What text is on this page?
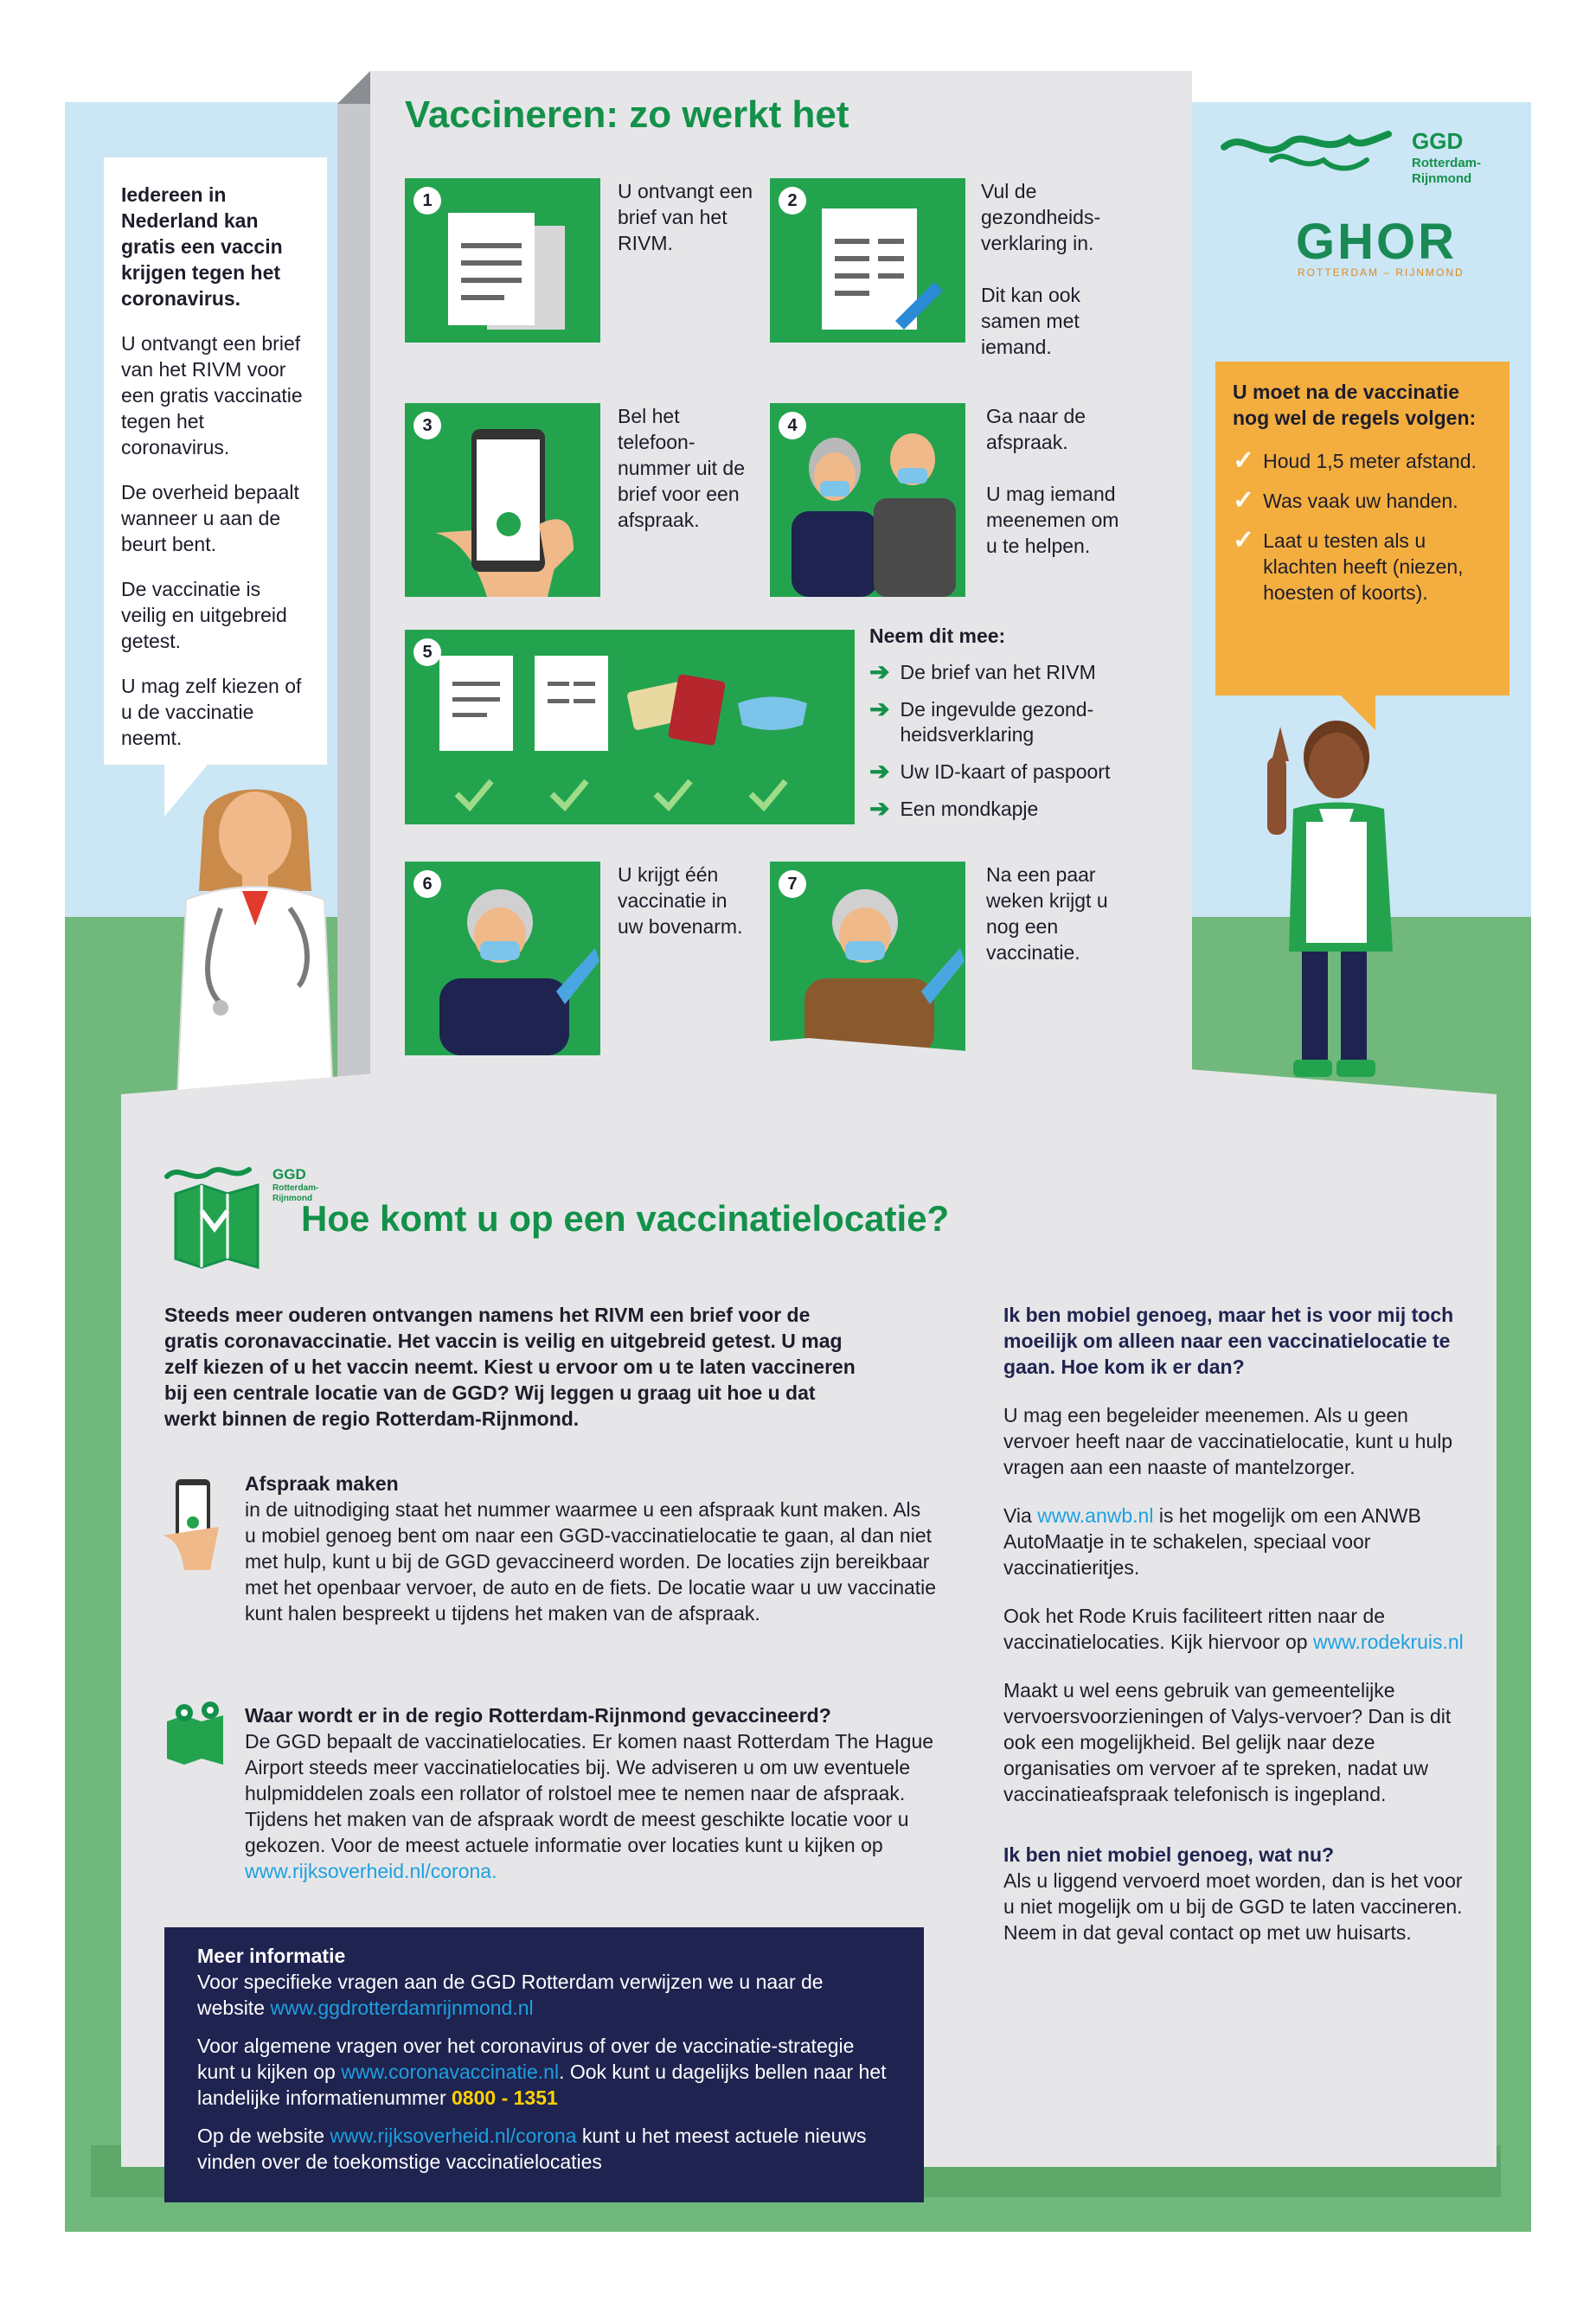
Vaccineren: zo werkt het
GGD
Rotterdam-
Rijnmond
GHOR
ROTTERDAM – RIJNMOND

Iedereen in Nederland kan gratis een vaccin krijgen tegen het coronavirus.

U ontvangt een brief van het RIVM voor een gratis vaccinatie tegen het coronavirus.

De overheid bepaalt wanneer u aan de beurt bent.

De vaccinatie is veilig en uitgebreid getest.

U mag zelf kiezen of u de vaccinatie neemt.

U moet na de vaccinatie nog wel de regels volgen:
✓ Houd 1,5 meter afstand.
✓ Was vaak uw handen.
✓ Laat u testen als u klachten heeft (niezen, hoesten of koorts).
1	U ontvangt een brief van het RIVM.
2	Vul de gezondheids-verklaring in.
Dit kan ook samen met iemand.
3	Bel het telefoon-nummer uit de brief voor een afspraak.
4	Ga naar de afspraak.
U mag iemand meenemen om u te helpen.
5
Neem dit mee:
➔ De brief van het RIVM
➔ De ingevulde gezond-heidsverklaring
➔ Uw ID-kaart of paspoort
➔ Een mondkapje
6	U krijgt één vaccinatie in uw bovenarm.
7	Na een paar weken krijgt u nog een vaccinatie.
GGD
Rotterdam-
Rijnmond
Hoe komt u op een vaccinatielocatie?
Steeds meer ouderen ontvangen namens het RIVM een brief voor de gratis coronavaccinatie. Het vaccin is veilig en uitgebreid getest. U mag zelf kiezen of u het vaccin neemt. Kiest u ervoor om u te laten vaccineren bij een centrale locatie van de GGD? Wij leggen u graag uit hoe u dat werkt binnen de regio Rotterdam-Rijnmond.
Afspraak maken
in de uitnodiging staat het nummer waarmee u een afspraak kunt maken. Als u mobiel genoeg bent om naar een GGD-vaccinatielocatie te gaan, al dan niet met hulp, kunt u bij de GGD gevaccineerd worden. De locaties zijn bereikbaar met het openbaar vervoer, de auto en de fiets. De locatie waar u uw vaccinatie kunt halen bespreekt u tijdens het maken van de afspraak.
Waar wordt er in de regio Rotterdam-Rijnmond gevaccineerd?
De GGD bepaalt de vaccinatielocaties. Er komen naast Rotterdam The Hague Airport steeds meer vaccinatielocaties bij. We adviseren u om uw eventuele hulpmiddelen zoals een rollator of rolstoel mee te nemen naar de afspraak. Tijdens het maken van de afspraak wordt de meest geschikte locatie voor u gekozen. Voor de meest actuele informatie over locaties kunt u kijken op www.rijksoverheid.nl/corona.
Meer informatie

Voor specifieke vragen aan de GGD Rotterdam verwijzen we u naar de website www.ggdrotterdamrijnmond.nl

Voor algemene vragen over het coronavirus of over de vaccinatie-strategie kunt u kijken op www.coronavaccinatie.nl. Ook kunt u dagelijks bellen naar het landelijke informatienummer 0800 - 1351

Op de website www.rijksoverheid.nl/corona kunt u het meest actuele nieuws vinden over de toekomstige vaccinatielocaties

Ik ben mobiel genoeg, maar het is voor mij toch moeilijk om alleen naar een vaccinatielocatie te gaan. Hoe kom ik er dan?

U mag een begeleider meenemen. Als u geen vervoer heeft naar de vaccinatielocatie, kunt u hulp vragen aan een naaste of mantelzorger.

Via www.anwb.nl is het mogelijk om een ANWB AutoMaatje in te schakelen, speciaal voor vaccinatieritjes.

Ook het Rode Kruis faciliteert ritten naar de vaccinatielocaties. Kijk hiervoor op www.rodekruis.nl

Maakt u wel eens gebruik van gemeentelijke vervoersvoorzieningen of Valys-vervoer? Dan is dit ook een mogelijkheid. Bel gelijk naar deze organisaties om vervoer af te spreken, nadat uw vaccinatieafspraak telefonisch is ingepland.

Ik ben niet mobiel genoeg, wat nu?

Als u liggend vervoerd moet worden, dan is het voor u niet mogelijk om u bij de GGD te laten vaccineren. Neem in dat geval contact op met uw huisarts.
